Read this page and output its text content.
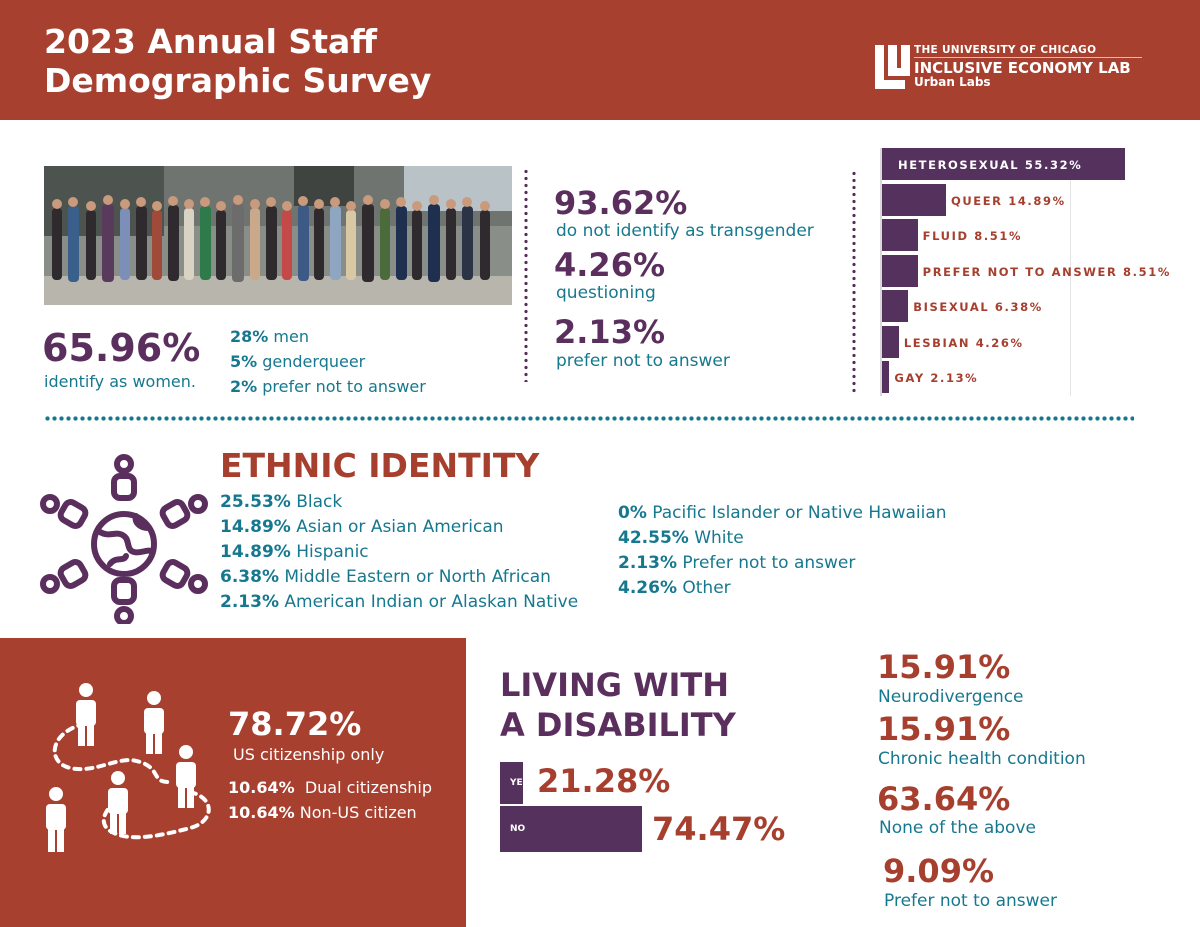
2023 Annual Staff
Demographic Survey
THE UNIVERSITY OF CHICAGO
INCLUSIVE ECONOMY LAB
Urban Labs
65.96%
identify as women.
28% men
5% genderqueer
2% prefer not to answer
93.62%
do not identify as transgender
4.26%
questioning
2.13%
prefer not to answer
HETEROSEXUAL 55.32%
QUEER 14.89%
FLUID 8.51%
PREFER NOT TO ANSWER 8.51%
BISEXUAL 6.38%
LESBIAN 4.26%
GAY 2.13%
ETHNIC IDENTITY
25.53% Black
14.89% Asian or Asian American
14.89% Hispanic
6.38% Middle Eastern or North African
2.13% American Indian or Alaskan Native
0% Pacific Islander or Native Hawaiian
42.55% White
2.13% Prefer not to answer
4.26% Other
78.72%
US citizenship only
10.64%  Dual citizenship
10.64% Non-US citizen
LIVING WITH
A DISABILITY
YES 21.28%
NO	74.47%
15.91%
Neurodivergence
15.91%
Chronic health condition
63.64%
None of the above
9.09%
Prefer not to answer
